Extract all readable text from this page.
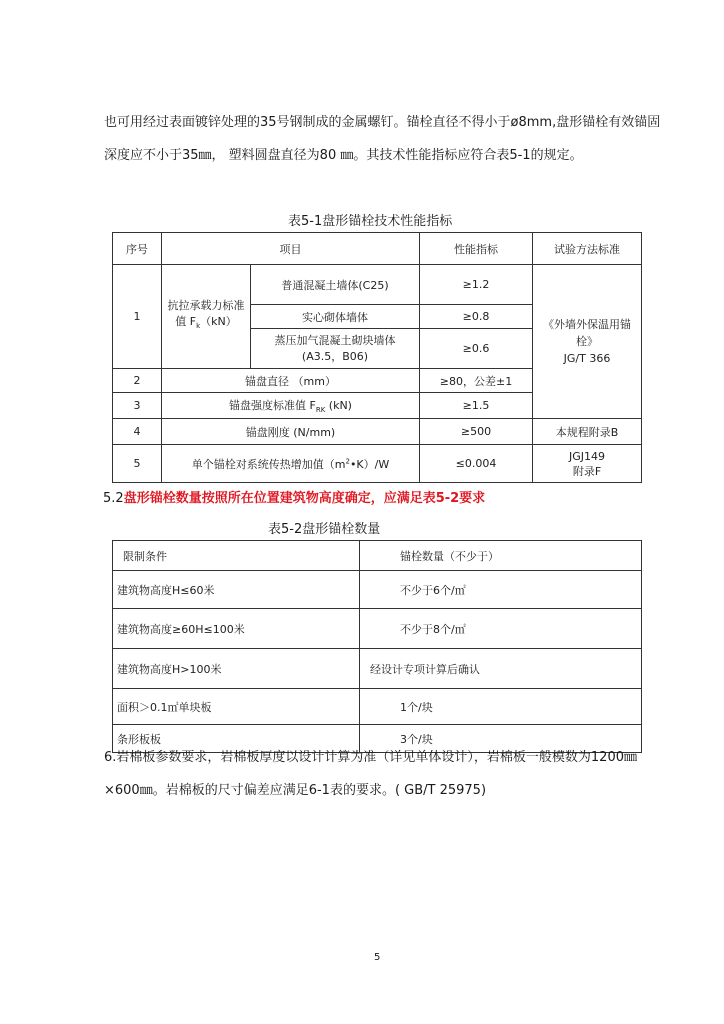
也可用经过表面镀锌处理的35号钢制成的金属螺钉。锚栓直径不得小于ø8mm,盘形锚栓有效锚固深度应不小于35㎜， 塑料圆盘直径为80 ㎜。其技术性能指标应符合表5-1的规定。

表5-1盘形锚栓技术性能指标
序号	项目		性能指标	试验方法标准
1	抗拉承载力标准值 $F_k(kN)$	普通混凝土墙体(C25)	≥1.2	《外墙外保温用锚栓》
JG/T 366
		实心砌体墙体	≥0.8	
		蒸压加气混凝土砌块墙体
(A3.5，B06)	≥0.6	
2	锚盘直径 （mm）		≥80，公差±1	
3	锚盘强度标准值 $F_{RK}$ (kN)		≥1.5	
4	锚盘刚度 (N/mm)		≥500	本规程附录B
5	单个锚栓对系统传热增加值$(m^2•K)/W$		≤0.004	JGJ149
附录F
5.2盘形锚栓数量按照所在位置建筑物高度确定，应满足表5-2要求
表5-2盘形锚栓数量
限制条件	锚栓数量（不少于）
建筑物高度H≤60米	不少于6个/㎡
建筑物高度≥60H≤100米	不少于8个/㎡
建筑物高度H>100米	经设计专项计算后确认
面积＞0.1㎡单块板	1个/块
条形板板	3个/块

6.岩棉板参数要求，岩棉板厚度以设计计算为准（详见单体设计），岩棉板一般模数为1200㎜×600㎜。岩棉板的尺寸偏差应满足6-1表的要求。( GB/T 25975)

5
